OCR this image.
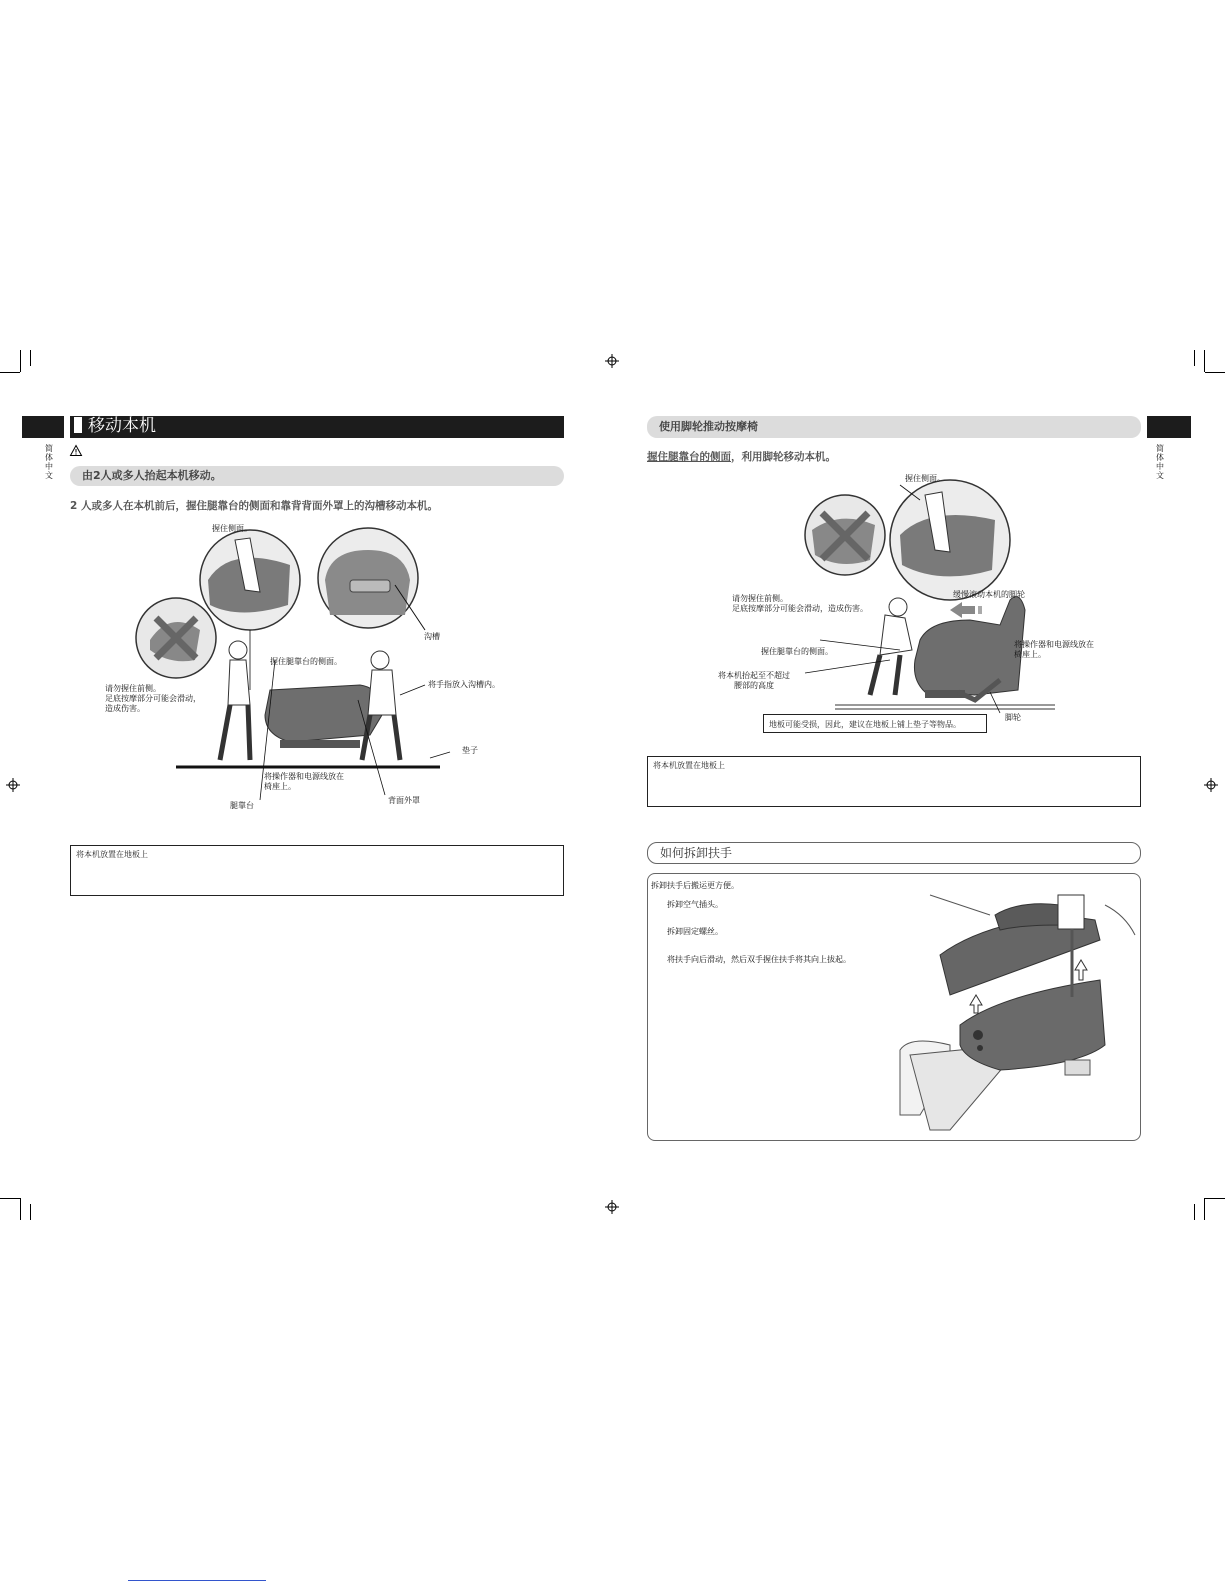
简体中文
移动本机
由2人或多人抬起本机移动。
2 人或多人在本机前后，握住腿靠台的侧面和靠背背面外罩上的沟槽移动本机。
握住侧面。
沟槽
握住腿靠台的侧面。
将手指放入沟槽内。
请勿握住前侧。
足底按摩部分可能会滑动，
造成伤害。
垫子
将操作器和电源线放在
椅座上。
背面外罩
腿靠台
将本机放置在地板上
简体中文
使用脚轮推动按摩椅
握住腿靠台的侧面，利用脚轮移动本机。
握住侧面。
请勿握住前侧。
足底按摩部分可能会滑动，造成伤害。
缓慢滚动本机的脚轮
握住腿靠台的侧面。
将操作器和电源线放在
椅座上。
将本机抬起至不超过
腰部的高度
脚轮
地板可能受损，因此，建议在地板上铺上垫子等物品。
将本机放置在地板上
如何拆卸扶手
拆卸扶手后搬运更方便。
拆卸空气插头。
拆卸固定螺丝。
将扶手向后滑动，然后双手握住扶手将其向上拔起。
